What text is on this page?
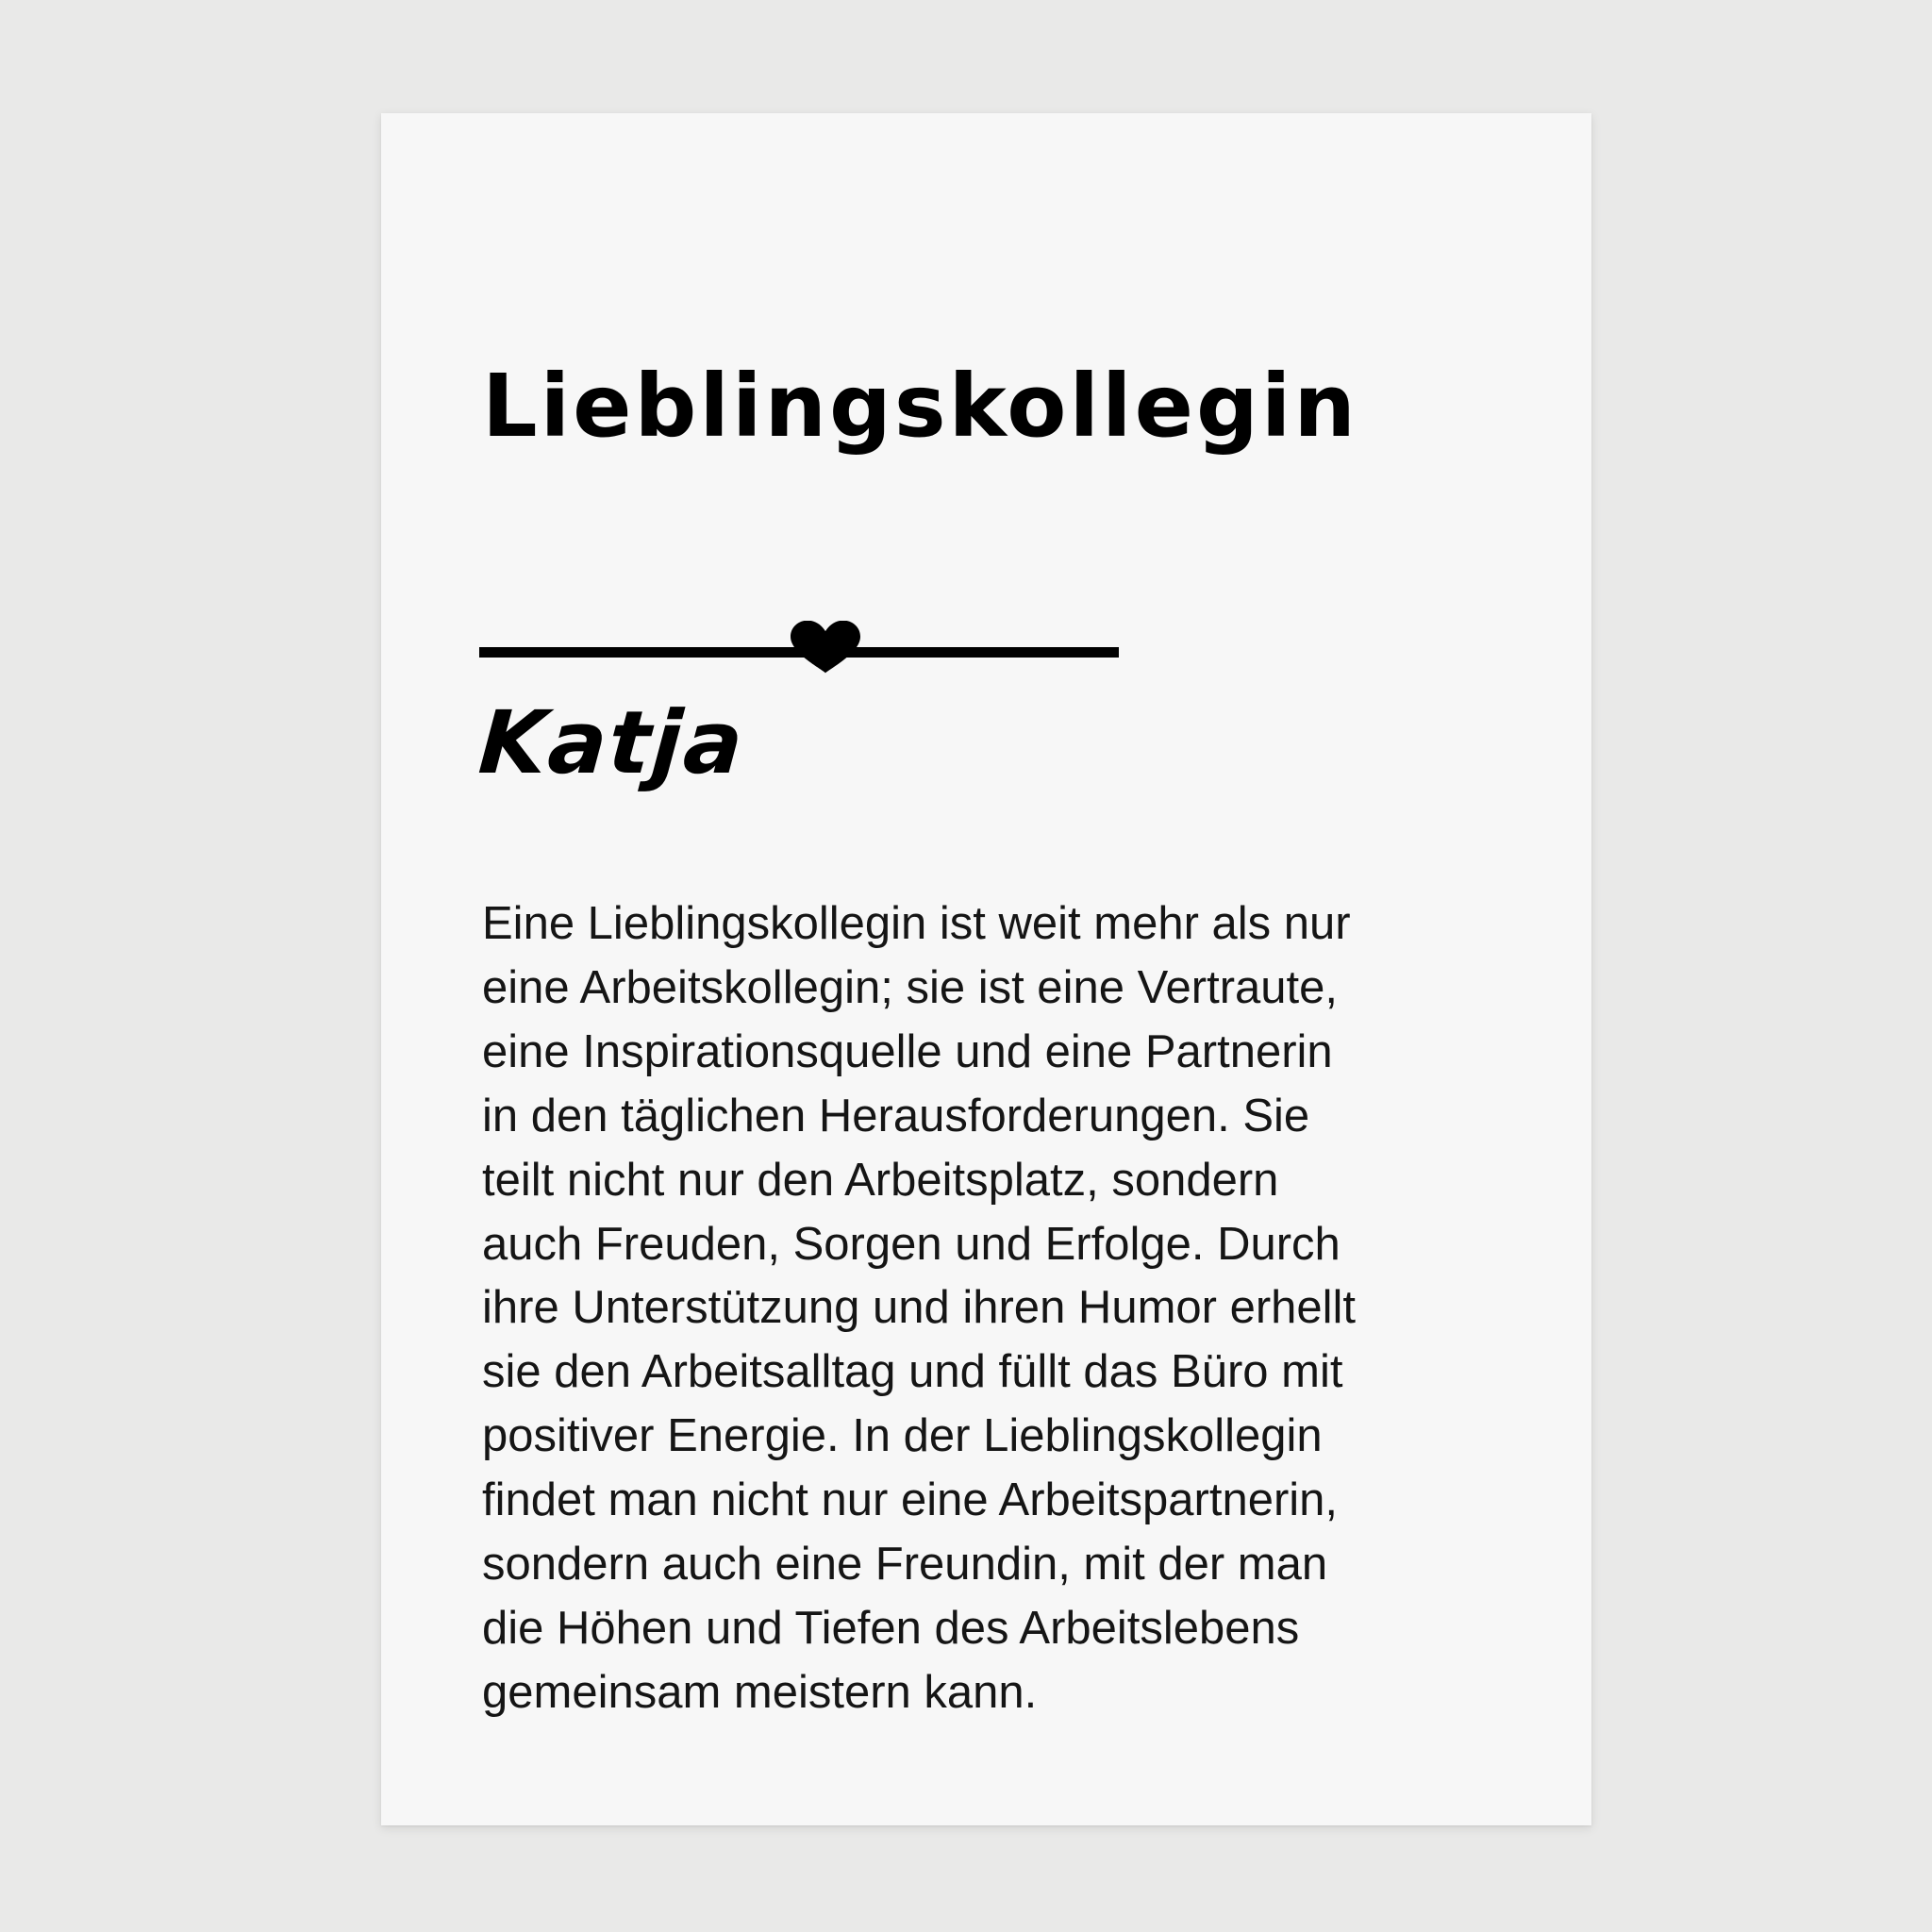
Lieblingskollegin
Katja

Eine Lieblingskollegin ist weit mehr als nur
eine Arbeitskollegin; sie ist eine Vertraute,
eine Inspirationsquelle und eine Partnerin
in den täglichen Herausforderungen. Sie
teilt nicht nur den Arbeitsplatz, sondern
auch Freuden, Sorgen und Erfolge. Durch
ihre Unterstützung und ihren Humor erhellt
sie den Arbeitsalltag und füllt das Büro mit
positiver Energie. In der Lieblingskollegin
findet man nicht nur eine Arbeitspartnerin,
sondern auch eine Freundin, mit der man
die Höhen und Tiefen des Arbeitslebens
gemeinsam meistern kann.
